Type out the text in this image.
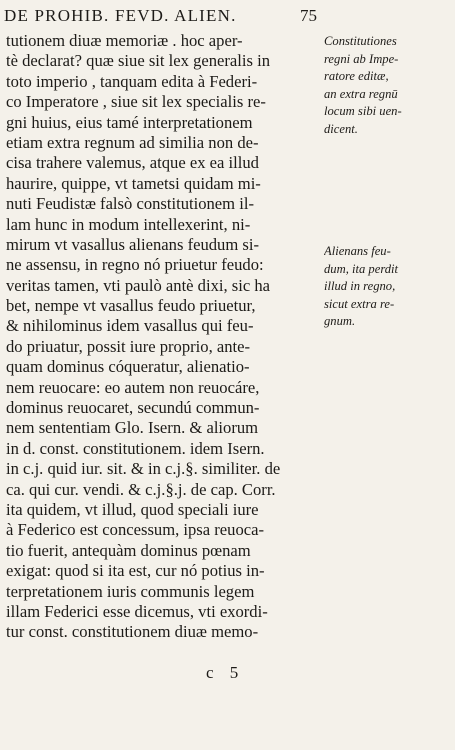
DE PROHIB. FEVD. ALIEN.	75
tutionem diuæ memoriæ . hoc aper-
tè declarat? quæ siue sit lex generalis in
toto imperio , tanquam edita à Federi-
co Imperatore , siue sit lex specialis re-
gni huius, eius tamé interpretationem
etiam extra regnum ad similia non de-
cisa trahere valemus, atque ex ea illud
haurire, quippe, vt tametsi quidam mi-
nuti Feudistæ falsò constitutionem il-
lam hunc in modum intellexerint, ni-
mirum vt vasallus alienans feudum si-
ne assensu, in regno nó priuetur feudo:
veritas tamen, vti paulò antè dixi, sic ha
bet, nempe vt vasallus feudo priuetur,
& nihilominus idem vasallus qui feu-
do priuatur, possit iure proprio, ante-
quam dominus cóqueratur, alienatio-
nem reuocare: eo autem non reuocáre,
dominus reuocaret, secundú commun-
nem sententiam Glo. Isern. & aliorum
in d. const. constitutionem. idem Isern.
in c.j. quid iur. sit. & in c.j.§. similiter. de
ca. qui cur. vendi. & c.j.§.j. de cap. Corr.
ita quidem, vt illud, quod speciali iure
à Federico est concessum, ipsa reuoca-
tio fuerit, antequàm dominus pœnam
exigat: quod si ita est, cur nó potius in-
terpretationem iuris communis legem
illam Federici esse dicemus, vti exordi-
tur const. constitutionem diuæ memo-
Constitutiones
regni ab Impe-
ratore editæ,
an extra regnū
locum sibi uen-
dicent.
Alienans feu-
dum, ita perdit
illud in regno,
sicut extra re-
gnum.
c 5
